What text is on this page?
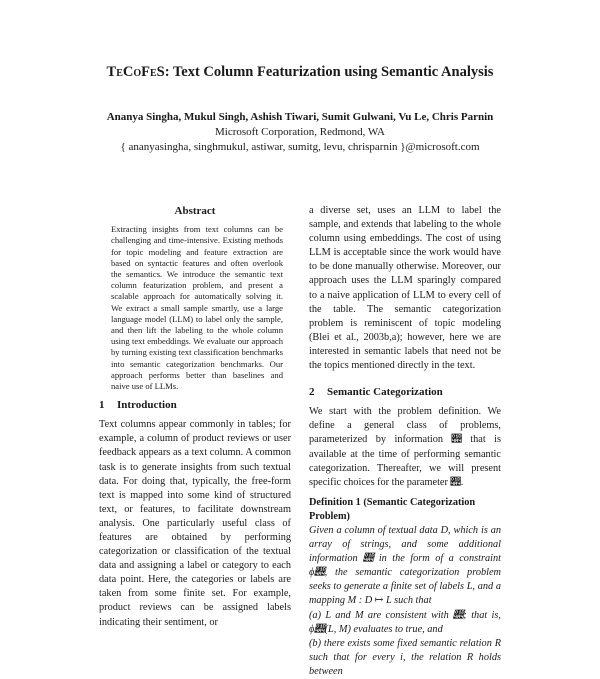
TeCoFeS: Text Column Featurization using Semantic Analysis
Ananya Singha, Mukul Singh, Ashish Tiwari, Sumit Gulwani, Vu Le, Chris Parnin
Microsoft Corporation, Redmond, WA
{ ananyasingha, singhmukul, astiwar, sumitg, levu, chrisparnin }@microsoft.com
Abstract

Extracting insights from text columns can be challenging and time-intensive. Existing methods for topic modeling and feature extraction are based on syntactic features and often overlook the semantics. We introduce the semantic text column featurization problem, and present a scalable approach for automatically solving it. We extract a small sample smartly, use a large language model (LLM) to label only the sample, and then lift the labeling to the whole column using text embeddings. We evaluate our approach by turning existing text classification benchmarks into semantic categorization benchmarks. Our approach performs better than baselines and naive use of LLMs.

1 Introduction

Text columns appear commonly in tables; for example, a column of product reviews or user feedback appears as a text column. A common task is to generate insights from such textual data. For doing that, typically, the free-form text is mapped into some kind of structured text, or features, to facilitate downstream analysis. One particularly useful class of features are obtained by performing categorization or classification of the textual data and assigning a label or category to each data point. Here, the categories or labels are taken from some finite set. For example, product reviews can be assigned labels indicating their sentiment, or

a diverse set, uses an LLM to label the sample, and extends that labeling to the whole column using embeddings. The cost of using LLM is acceptable since the work would have to be done manually otherwise. Moreover, our approach uses the LLM sparingly compared to a naive application of LLM to every cell of the table. The semantic categorization problem is reminiscent of topic modeling (Blei et al., 2003b,a); however, here we are interested in semantic labels that need not be the topics mentioned directly in the text.

2 Semantic Categorization

We start with the problem definition. We define a general class of problems, parameterized by information 𝒤 that is available at the time of performing semantic categorization. Thereafter, we will present specific choices for the parameter 𝒤.

Definition 1 (Semantic Categorization Problem)

Given a column of textual data D, which is an array of strings, and some additional information 𝒤 in the form of a constraint ϕ𝒤, the semantic categorization problem seeks to generate a finite set of labels L, and a mapping M : D ↦ L such that

(a) L and M are consistent with 𝒤; that is, ϕ𝒤(L, M) evaluates to true, and

(b) there exists some fixed semantic relation R such that for every i, the relation R holds between
